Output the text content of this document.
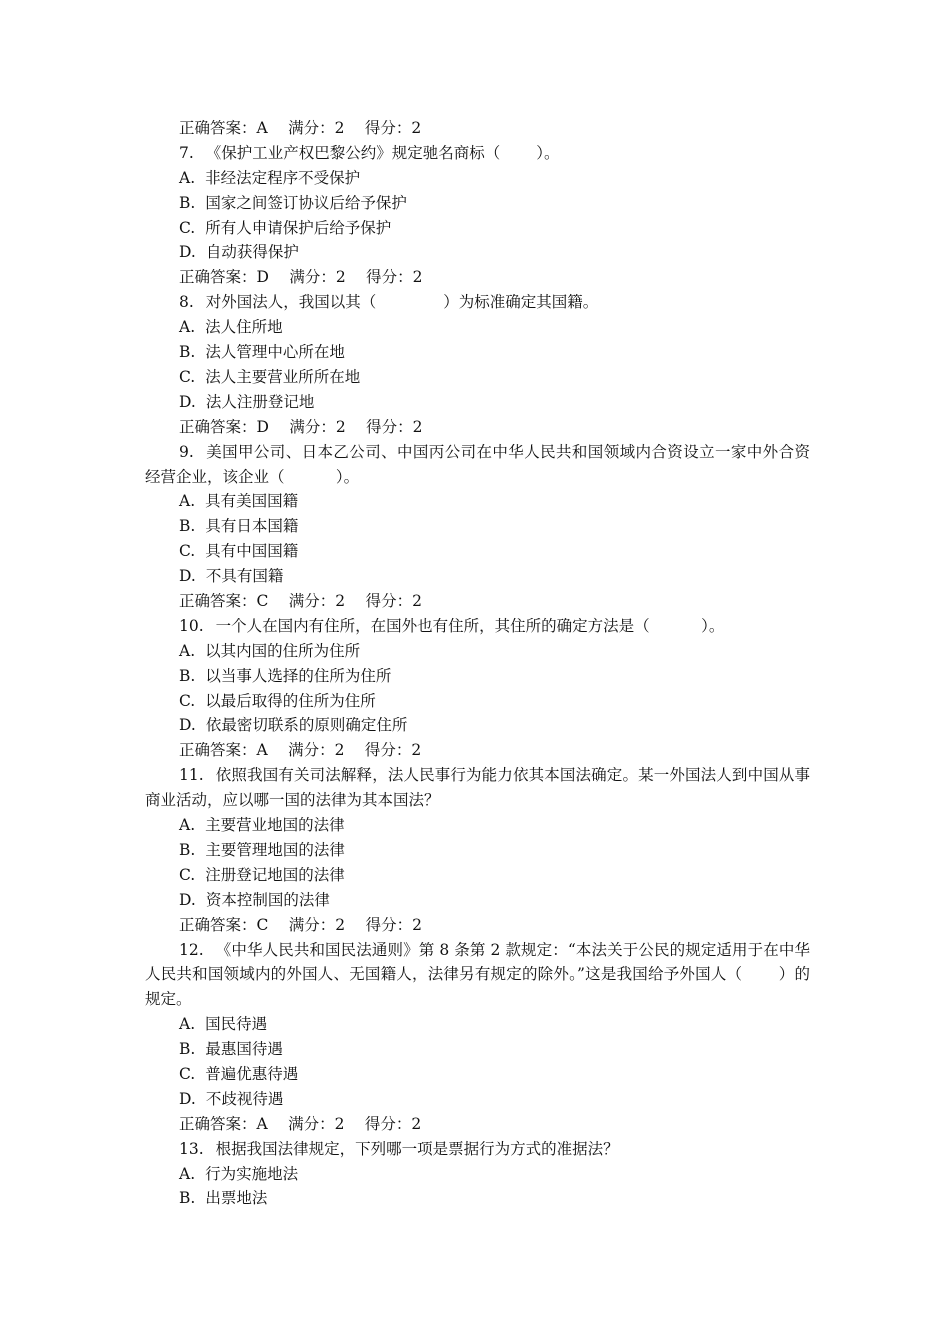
正确答案：A　 满分：2　 得分：2
7. 《保护工业产权巴黎公约》规定驰名商标（　　 ）。
A. 非经法定程序不受保护
B. 国家之间签订协议后给予保护
C. 所有人申请保护后给予保护
D. 自动获得保护
正确答案：D　 满分：2　 得分：2
8. 对外国法人，我国以其（　　　　 ）为标准确定其国籍。
A. 法人住所地
B. 法人管理中心所在地
C. 法人主要营业所所在地
D. 法人注册登记地
正确答案：D　 满分：2　 得分：2
9. 美国甲公司、日本乙公司、中国丙公司在中华人民共和国领域内合资设立一家中外合资经营企业，该企业（　　　 ）。
A. 具有美国国籍
B. 具有日本国籍
C. 具有中国国籍
D. 不具有国籍
正确答案：C　 满分：2　 得分：2
10. 一个人在国内有住所，在国外也有住所，其住所的确定方法是（　　　 ）。
A. 以其内国的住所为住所
B. 以当事人选择的住所为住所
C. 以最后取得的住所为住所
D. 依最密切联系的原则确定住所
正确答案：A　 满分：2　 得分：2
11. 依照我国有关司法解释，法人民事行为能力依其本国法确定。某一外国法人到中国从事商业活动，应以哪一国的法律为其本国法？
A. 主要营业地国的法律
B. 主要管理地国的法律
C. 注册登记地国的法律
D. 资本控制国的法律
正确答案：C　 满分：2　 得分：2
12. 《中华人民共和国民法通则》第 8 条第 2 款规定：“本法关于公民的规定适用于在中华人民共和国领域内的外国人、无国籍人，法律另有规定的除外。”这是我国给予外国人（　　 ）的规定。
A. 国民待遇
B. 最惠国待遇
C. 普遍优惠待遇
D. 不歧视待遇
正确答案：A　 满分：2　 得分：2
13. 根据我国法律规定，下列哪一项是票据行为方式的准据法？
A. 行为实施地法
B. 出票地法
